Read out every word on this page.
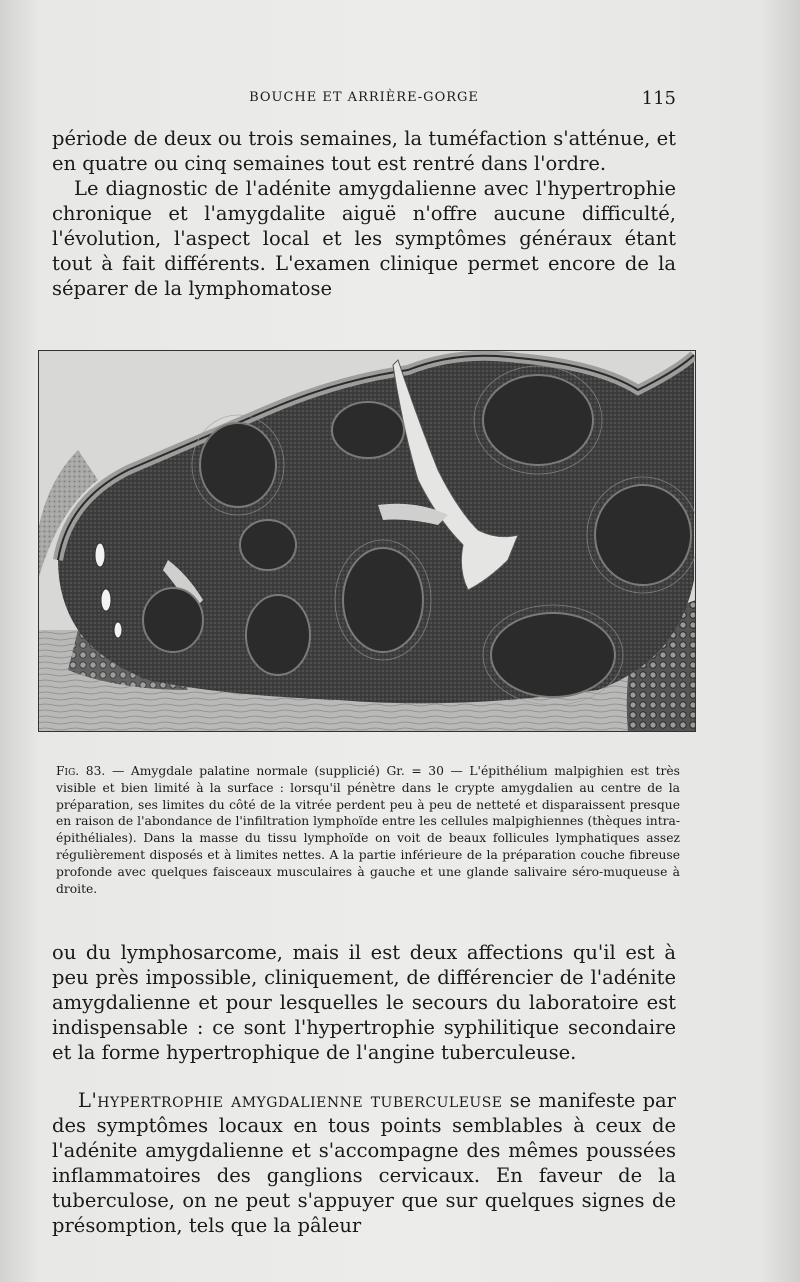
BOUCHE ET ARRIÈRE-GORGE	115

période de deux ou trois semaines, la tuméfaction s'atténue, et en quatre ou cinq semaines tout est rentré dans l'ordre.

Le diagnostic de l'adénite amygdalienne avec l'hypertrophie chronique et l'amygdalite aiguë n'offre aucune difficulté, l'évolution, l'aspect local et les symptômes généraux étant tout à fait différents. L'examen clinique permet encore de la séparer de la lymphomatose

Fig. 83. — Amygdale palatine normale (supplicié) Gr. = 30 — L'épithélium malpighien est très visible et bien limité à la surface : lorsqu'il pénètre dans le crypte amygdalien au centre de la préparation, ses limites du côté de la vitrée perdent peu à peu de netteté et disparaissent presque en raison de l'abondance de l'infiltration lymphoïde entre les cellules malpighiennes (thèques intra-épithéliales). Dans la masse du tissu lymphoïde on voit de beaux follicules lymphatiques assez régulièrement disposés et à limites nettes. A la partie inférieure de la préparation couche fibreuse profonde avec quelques faisceaux musculaires à gauche et une glande salivaire séro-muqueuse à droite.

ou du lymphosarcome, mais il est deux affections qu'il est à peu près impossible, cliniquement, de différencier de l'adénite amygdalienne et pour lesquelles le secours du laboratoire est indispensable : ce sont l'hypertrophie syphilitique secondaire et la forme hypertrophique de l'angine tuberculeuse.

L'hypertrophie amygdalienne tuberculeuse se manifeste par des symptômes locaux en tous points semblables à ceux de l'adénite amygdalienne et s'accompagne des mêmes poussées inflammatoires des ganglions cervicaux. En faveur de la tuberculose, on ne peut s'appuyer que sur quelques signes de présomption, tels que la pâleur
